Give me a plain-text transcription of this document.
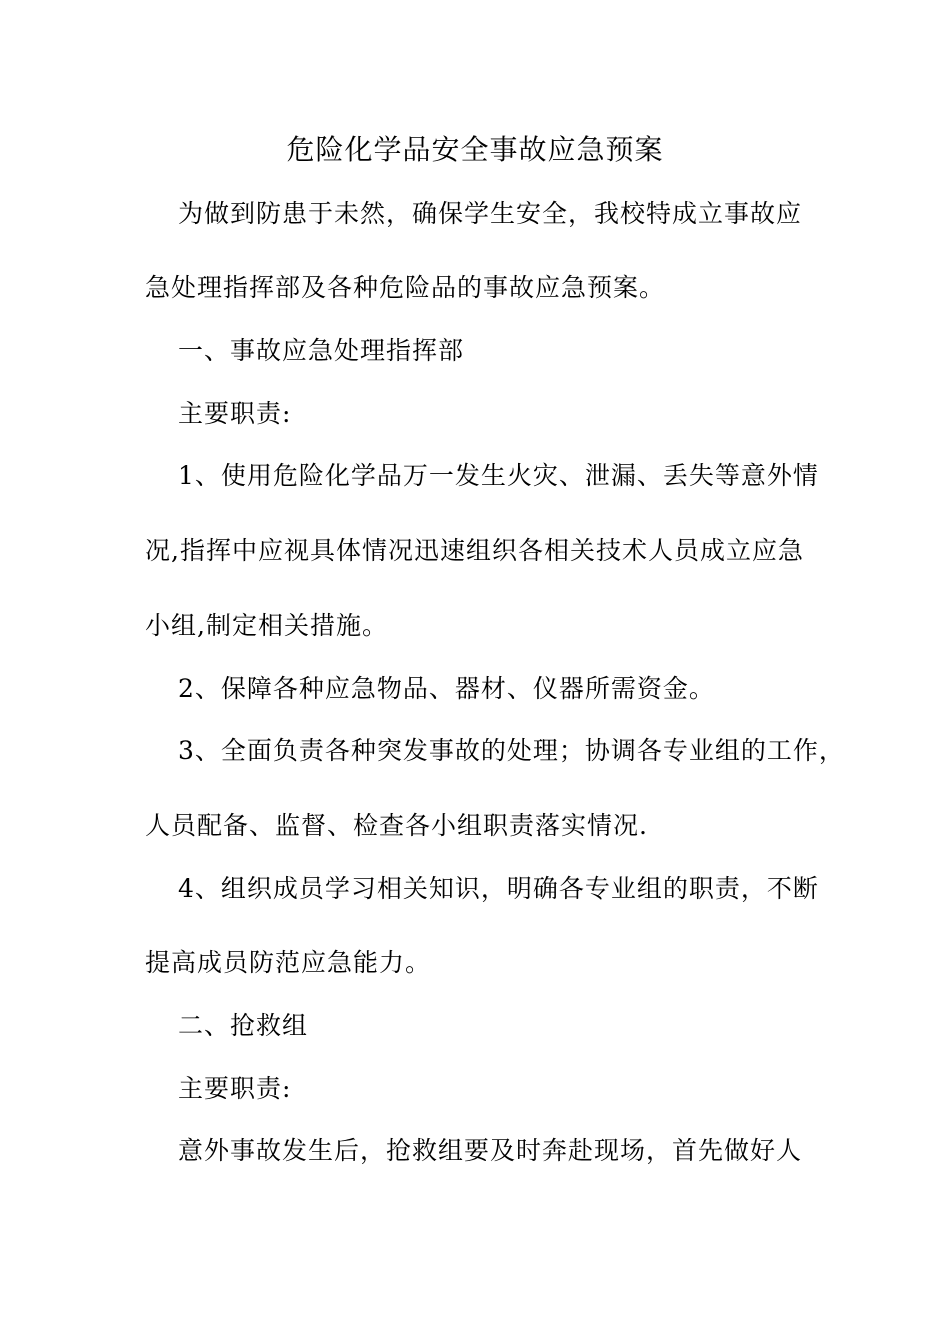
危险化学品安全事故应急预案
为做到防患于未然，确保学生安全，我校特成立事故应
急处理指挥部及各种危险品的事故应急预案。
一、事故应急处理指挥部
主要职责:
1、使用危险化学品万一发生火灾、泄漏、丢失等意外情
况,指挥中应视具体情况迅速组织各相关技术人员成立应急
小组,制定相关措施。
2、保障各种应急物品、器材、仪器所需资金。
3、全面负责各种突发事故的处理；协调各专业组的工作，
人员配备、监督、检查各小组职责落实情况.
4、组织成员学习相关知识，明确各专业组的职责，不断
提高成员防范应急能力。
二、抢救组
主要职责:
意外事故发生后，抢救组要及时奔赴现场，首先做好人
